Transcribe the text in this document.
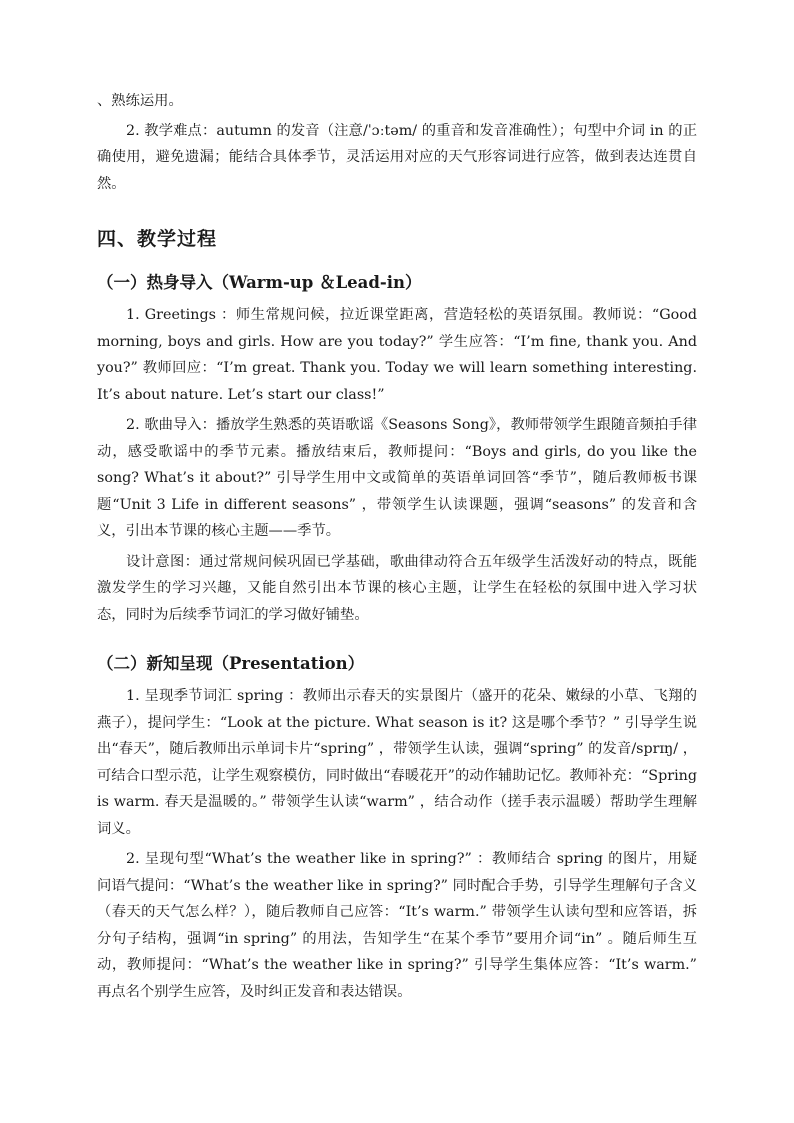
、熟练运用。

2. 教学难点：autumn 的发音（注意/ˈɔːtəm/ 的重音和发音准确性）；句型中介词 in 的正确使用，避免遗漏；能结合具体季节，灵活运用对应的天气形容词进行应答，做到表达连贯自然。

四、教学过程
（一）热身导入（Warm-up ＆Lead-in）

1. Greetings ：师生常规问候，拉近课堂距离，营造轻松的英语氛围。教师说：“Good morning, boys and girls. How are you today?” 学生应答：“I’m fine, thank you. And you?” 教师回应：“I’m great. Thank you. Today we will learn something interesting. It’s about nature. Let’s start our class!”

2. 歌曲导入：播放学生熟悉的英语歌谣《Seasons Song》，教师带领学生跟随音频拍手律动，感受歌谣中的季节元素。播放结束后，教师提问：“Boys and girls, do you like the song? What’s it about?” 引导学生用中文或简单的英语单词回答“季节”，随后教师板书课题“Unit 3 Life in different seasons” ，带领学生认读课题，强调“seasons” 的发音和含义，引出本节课的核心主题——季节。

设计意图：通过常规问候巩固已学基础，歌曲律动符合五年级学生活泼好动的特点，既能激发学生的学习兴趣，又能自然引出本节课的核心主题，让学生在轻松的氛围中进入学习状态，同时为后续季节词汇的学习做好铺垫。

（二）新知呈现（Presentation）

1. 呈现季节词汇 spring ：教师出示春天的实景图片（盛开的花朵、嫩绿的小草、飞翔的燕子），提问学生：“Look at the picture. What season is it? 这是哪个季节？” 引导学生说出“春天”，随后教师出示单词卡片“spring” ，带领学生认读，强调“spring” 的发音/sprɪŋ/ ，可结合口型示范，让学生观察模仿，同时做出“春暖花开”的动作辅助记忆。教师补充：“Spring is warm. 春天是温暖的。” 带领学生认读“warm” ，结合动作（搓手表示温暖）帮助学生理解词义。

2. 呈现句型“What’s the weather like in spring?” ：教师结合 spring 的图片，用疑问语气提问：“What’s the weather like in spring?” 同时配合手势，引导学生理解句子含义（春天的天气怎么样？），随后教师自己应答：“It’s warm.” 带领学生认读句型和应答语，拆分句子结构，强调“in spring” 的用法，告知学生“在某个季节”要用介词“in” 。随后师生互动，教师提问：“What’s the weather like in spring?” 引导学生集体应答：“It’s warm.” 再点名个别学生应答，及时纠正发音和表达错误。
